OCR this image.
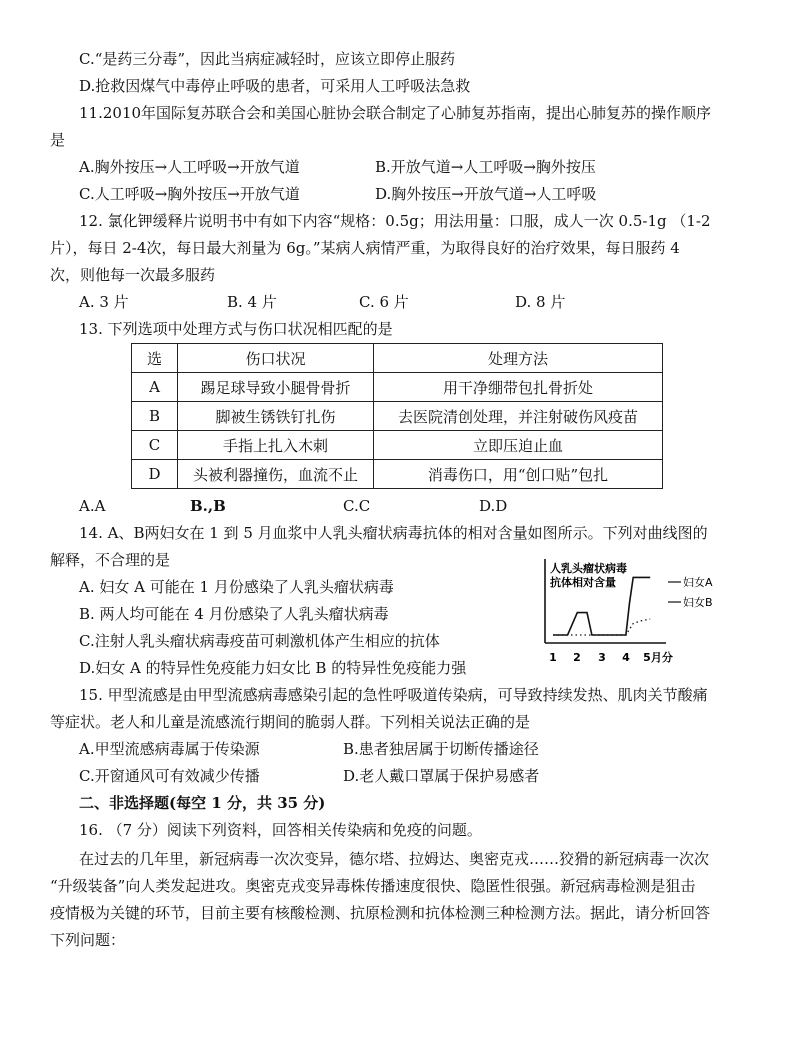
C.“是药三分毒”，因此当病症减轻时，应该立即停止服药
D.抢救因煤气中毒停止呼吸的患者，可采用人工呼吸法急救
11.2010年国际复苏联合会和美国心脏协会联合制定了心肺复苏指南，提出心肺复苏的操作顺序
是
A.胸外按压→人工呼吸→开放气道	B.开放气道→人工呼吸→胸外按压
C.人工呼吸→胸外按压→开放气道	D.胸外按压→开放气道→人工呼吸
12. 氯化钾缓释片说明书中有如下内容“规格：0.5g；用法用量：口服，成人一次 0.5-1g （1-2
片），每日 2-4次，每日最大剂量为 6g。”某病人病情严重，为取得良好的治疗效果，每日服药 4
次，则他每一次最多服药
A. 3 片	B. 4 片	C. 6 片	D. 8 片
13. 下列选项中处理方式与伤口状况相匹配的是
选	伤口状况	处理方法
A	踢足球导致小腿骨骨折	用干净绷带包扎骨折处
B	脚被生锈铁钉扎伤	去医院清创处理，并注射破伤风疫苗
C	手指上扎入木刺	立即压迫止血
D	头被利器撞伤，血流不止	消毒伤口，用“创口贴”包扎
A.A	B.,B	C.C	D.D
14. A、B两妇女在 1 到 5 月血浆中人乳头瘤状病毒抗体的相对含量如图所示。下列对曲线图的
解释，不合理的是
A. 妇女 A 可能在 1 月份感染了人乳头瘤状病毒
B. 两人均可能在 4 月份感染了人乳头瘤状病毒
C.注射人乳头瘤状病毒疫苗可刺激机体产生相应的抗体
D.妇女 A 的特异性免疫能力妇女比 B 的特异性免疫能力强
人乳头瘤状病毒
抗体相对含量	妇女A
妇女B
1 2 3 4 5月分
15. 甲型流感是由甲型流感病毒感染引起的急性呼吸道传染病，可导致持续发热、肌肉关节酸痛
等症状。老人和儿童是流感流行期间的脆弱人群。下列相关说法正确的是
A.甲型流感病毒属于传染源	B.患者独居属于切断传播途径
C.开窗通风可有效减少传播	D.老人戴口罩属于保护易感者
二、非选择题(每空 1 分，共 35 分)
16. （7 分）阅读下列资料，回答相关传染病和免疫的问题。
在过去的几年里，新冠病毒一次次变异，德尔塔、拉姆达、奥密克戎……狡猾的新冠病毒一次次
“升级装备”向人类发起进攻。奥密克戎变异毒株传播速度很快、隐匿性很强。新冠病毒检测是狙击
疫情极为关键的环节，目前主要有核酸检测、抗原检测和抗体检测三种检测方法。据此，请分析回答
下列问题：
